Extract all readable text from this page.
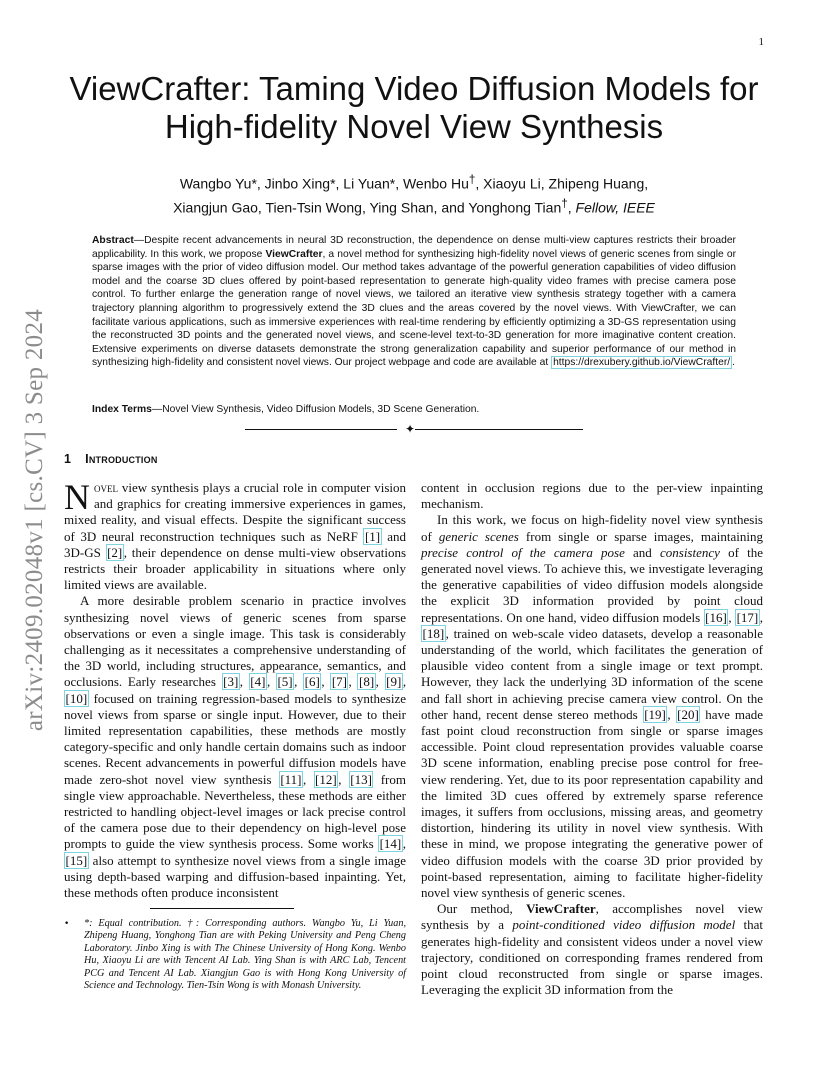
1
arXiv:2409.02048v1 [cs.CV] 3 Sep 2024
ViewCrafter: Taming Video Diffusion Models for
High-fidelity Novel View Synthesis
Wangbo Yu*, Jinbo Xing*, Li Yuan*, Wenbo Hu†, Xiaoyu Li, Zhipeng Huang,
Xiangjun Gao, Tien-Tsin Wong, Ying Shan, and Yonghong Tian†, Fellow, IEEE
Abstract—Despite recent advancements in neural 3D reconstruction, the dependence on dense multi-view captures restricts their broader applicability. In this work, we propose ViewCrafter, a novel method for synthesizing high-fidelity novel views of generic scenes from single or sparse images with the prior of video diffusion model. Our method takes advantage of the powerful generation capabilities of video diffusion model and the coarse 3D clues offered by point-based representation to generate high-quality video frames with precise camera pose control. To further enlarge the generation range of novel views, we tailored an iterative view synthesis strategy together with a camera trajectory planning algorithm to progressively extend the 3D clues and the areas covered by the novel views. With ViewCrafter, we can facilitate various applications, such as immersive experiences with real-time rendering by efficiently optimizing a 3D-GS representation using the reconstructed 3D points and the generated novel views, and scene-level text-to-3D generation for more imaginative content creation. Extensive experiments on diverse datasets demonstrate the strong generalization capability and superior performance of our method in synthesizing high-fidelity and consistent novel views. Our project webpage and code are available at https://drexubery.github.io/ViewCrafter/ .
Index Terms—Novel View Synthesis, Video Diffusion Models, 3D Scene Generation.
✦
1 Introduction

Novel view synthesis plays a crucial role in computer vision and graphics for creating immersive experiences in games, mixed reality, and visual effects. Despite the significant success of 3D neural reconstruction techniques such as NeRF [1] and 3D-GS [2] , their dependence on dense multi-view observations restricts their broader applicability in situations where only limited views are available.

A more desirable problem scenario in practice involves synthesizing novel views of generic scenes from sparse observations or even a single image. This task is considerably challenging as it necessitates a comprehensive understanding of the 3D world, including structures, appearance, semantics, and occlusions. Early researches [3] , [4] , [5] , [6] , [7] , [8] , [9] , [10] focused on training regression-based models to synthesize novel views from sparse or single input. However, due to their limited representation capabilities, these methods are mostly category-specific and only handle certain domains such as indoor scenes. Recent advancements in powerful diffusion models have made zero-shot novel view synthesis [11] , [12] , [13] from single view approachable. Nevertheless, these methods are either restricted to handling object-level images or lack precise control of the camera pose due to their dependency on high-level pose prompts to guide the view synthesis process. Some works [14] , [15] also attempt to synthesize novel views from a single image using depth-based warping and diffusion-based inpainting. Yet, these methods often produce inconsistent

• *: Equal contribution. †: Corresponding authors. Wangbo Yu, Li Yuan, Zhipeng Huang, Yonghong Tian are with Peking University and Peng Cheng Laboratory. Jinbo Xing is with The Chinese University of Hong Kong. Wenbo Hu, Xiaoyu Li are with Tencent AI Lab. Ying Shan is with ARC Lab, Tencent PCG and Tencent AI Lab. Xiangjun Gao is with Hong Kong University of Science and Technology. Tien-Tsin Wong is with Monash University.

content in occlusion regions due to the per-view inpainting mechanism.

In this work, we focus on high-fidelity novel view synthesis of generic scenes from single or sparse images, maintaining precise control of the camera pose and consistency of the generated novel views. To achieve this, we investigate leveraging the generative capabilities of video diffusion models alongside the explicit 3D information provided by point cloud representations. On one hand, video diffusion models [16] , [17] , [18] , trained on web-scale video datasets, develop a reasonable understanding of the world, which facilitates the generation of plausible video content from a single image or text prompt. However, they lack the underlying 3D information of the scene and fall short in achieving precise camera view control. On the other hand, recent dense stereo methods [19] , [20] have made fast point cloud reconstruction from single or sparse images accessible. Point cloud representation provides valuable coarse 3D scene information, enabling precise pose control for free-view rendering. Yet, due to its poor representation capability and the limited 3D cues offered by extremely sparse reference images, it suffers from occlusions, missing areas, and geometry distortion, hindering its utility in novel view synthesis. With these in mind, we propose integrating the generative power of video diffusion models with the coarse 3D prior provided by point-based representation, aiming to facilitate higher-fidelity novel view synthesis of generic scenes.

Our method, ViewCrafter, accomplishes novel view synthesis by a point-conditioned video diffusion model that generates high-fidelity and consistent videos under a novel view trajectory, conditioned on corresponding frames rendered from point cloud reconstructed from single or sparse images. Leveraging the explicit 3D information from the
